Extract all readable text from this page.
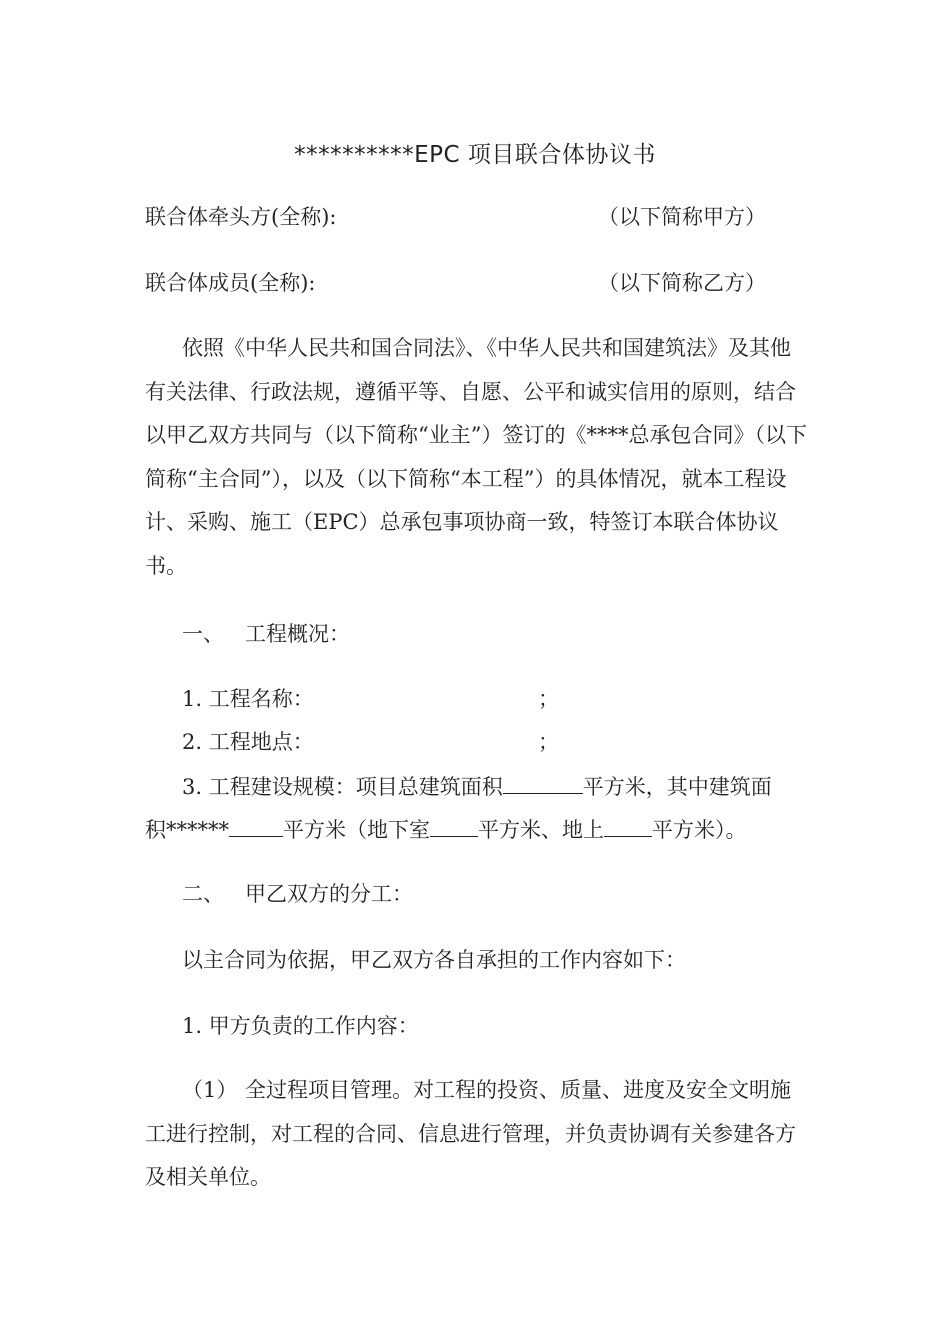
**********EPC 项目联合体协议书
联合体牵头方(全称):	（以下简称甲方）
联合体成员(全称):	（以下简称乙方）
依照《中华人民共和国合同法》、《中华人民共和国建筑法》及其他有关法律、行政法规，遵循平等、自愿、公平和诚实信用的原则，结合以甲乙双方共同与（以下简称“业主”）签订的《****总承包合同》（以下简称“主合同”），以及（以下简称“本工程”）的具体情况，就本工程设计、采购、施工（EPC）总承包事项协商一致，特签订本联合体协议书。
一、 工程概况：
1. 工程名称：	；
2. 工程地点：	；
3. 工程建设规模：项目总建筑面积	平方米，其中建筑面
积******	平方米（地下室 平方米、地上 平方米）。
二、 甲乙双方的分工：
以主合同为依据，甲乙双方各自承担的工作内容如下：
1. 甲方负责的工作内容：
（1） 全过程项目管理。对工程的投资、质量、进度及安全文明施工进行控制，对工程的合同、信息进行管理，并负责协调有关参建各方及相关单位。
